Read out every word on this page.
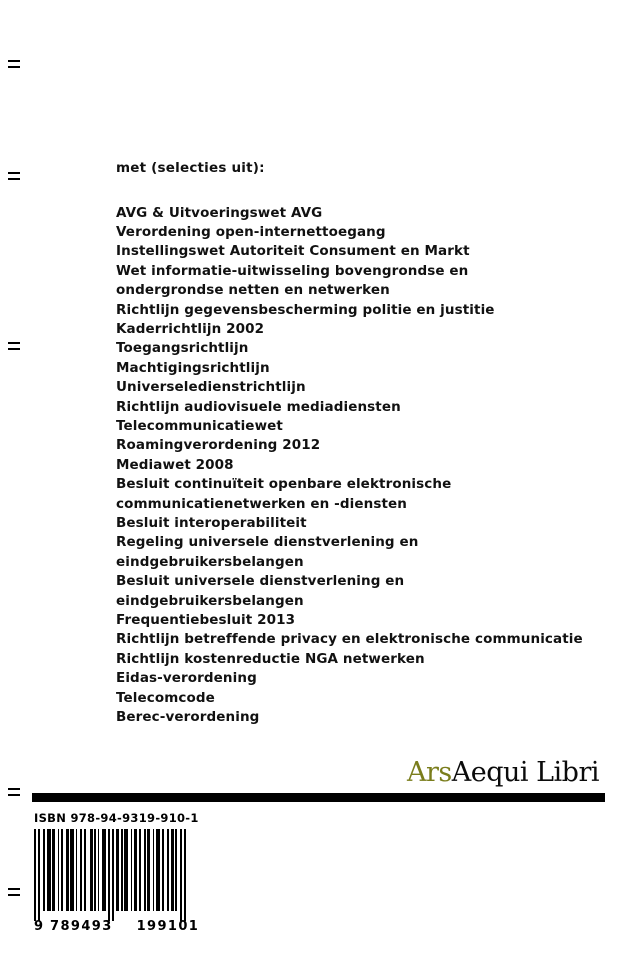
met (selecties uit):

AVG & Uitvoeringswet AVG
Verordening open-internettoegang
Instellingswet Autoriteit Consument en Markt
Wet informatie-uitwisseling bovengrondse en
ondergrondse netten en netwerken
Richtlijn gegevensbescherming politie en justitie
Kaderrichtlijn 2002
Toegangsrichtlijn
Machtigingsrichtlijn
Universeledienstrichtlijn
Richtlijn audiovisuele mediadiensten
Telecommunicatiewet
Roamingverordening 2012
Mediawet 2008
Besluit continuïteit openbare elektronische
communicatienetwerken en -diensten
Besluit interoperabiliteit
Regeling universele dienstverlening en eindgebruikersbelangen
Besluit universele dienstverlening en eindgebruikersbelangen
Frequentiebesluit 2013
Richtlijn betreffende privacy en elektronische communicatie
Richtlijn kostenreductie NGA netwerken
Eidas-verordening
Telecomcode
Berec-verordening
ArsAequi Libri
ISBN 978-94-9319-910-1
9 789493 199101
